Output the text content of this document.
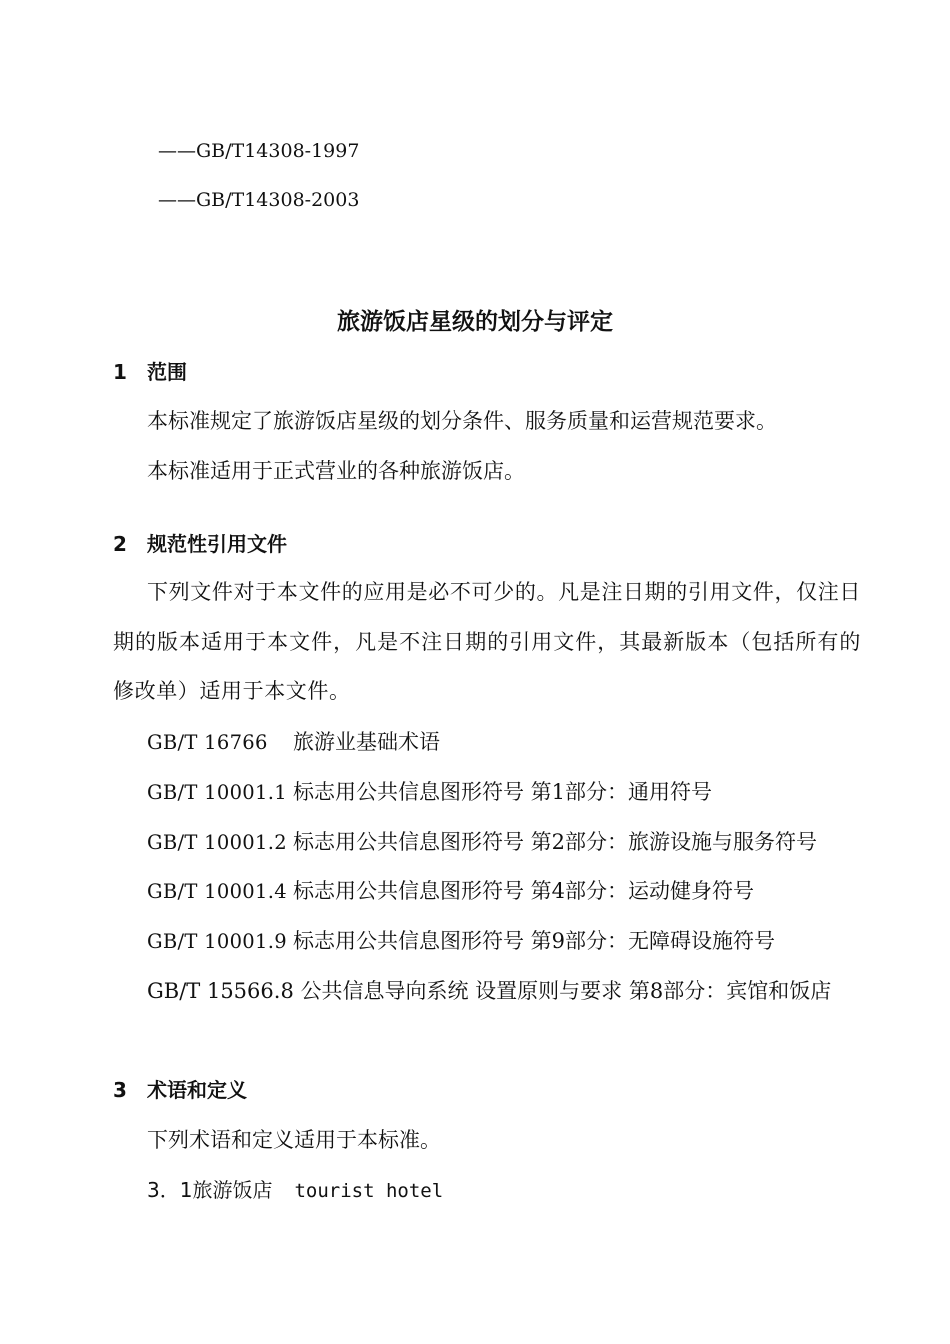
——GB/T14308-1997
——GB/T14308-2003
旅游饭店星级的划分与评定
1 范围
本标准规定了旅游饭店星级的划分条件、服务质量和运营规范要求。
本标准适用于正式营业的各种旅游饭店。
2 规范性引用文件
下列文件对于本文件的应用是必不可少的。凡是注日期的引用文件，仅注日期的版本适用于本文件，凡是不注日期的引用文件，其最新版本（包括所有的修改单）适用于本文件。
GB/T 16766 旅游业基础术语
GB/T 10001.1 标志用公共信息图形符号 第1部分：通用符号
GB/T 10001.2 标志用公共信息图形符号 第2部分：旅游设施与服务符号
GB/T 10001.4 标志用公共信息图形符号 第4部分：运动健身符号
GB/T 10001.9 标志用公共信息图形符号 第9部分：无障碍设施符号
GB/T 15566.8 公共信息导向系统 设置原则与要求 第8部分：宾馆和饭店
3 术语和定义
下列术语和定义适用于本标准。
3．1旅游饭店 tourist hotel
